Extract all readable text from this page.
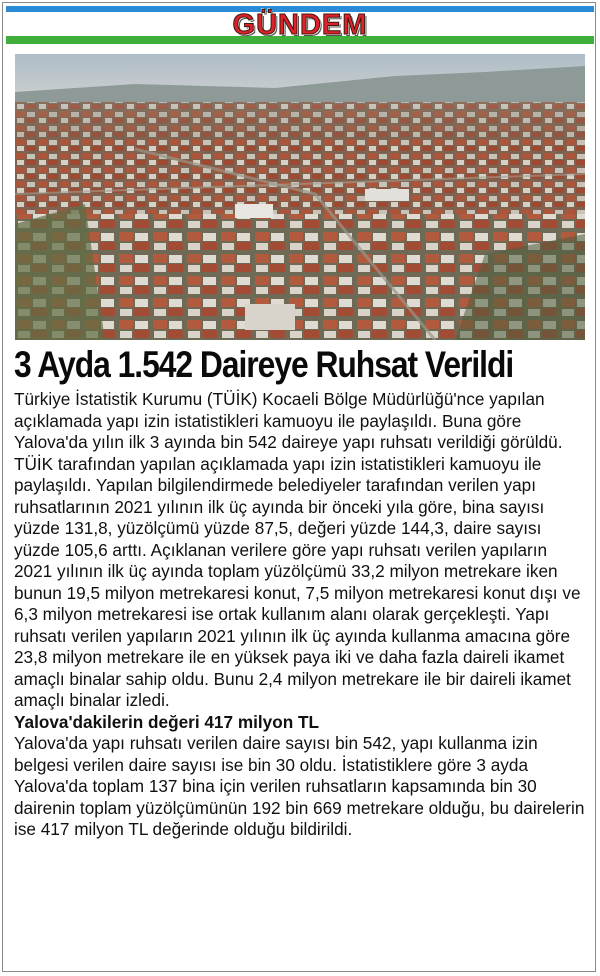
GÜNDEM
3 Ayda 1.542 Daireye Ruhsat Verildi

Türkiye İstatistik Kurumu (TÜİK) Kocaeli Bölge Müdürlüğü'nce yapılan açıklamada yapı izin istatistikleri kamuoyu ile paylaşıldı. Buna göre Yalova'da yılın ilk 3 ayında bin 542 daireye yapı ruhsatı verildiği görüldü.

TÜİK tarafından yapılan açıklamada yapı izin istatistikleri kamuoyu ile paylaşıldı. Yapılan bilgilendirmede belediyeler tarafından verilen yapı ruhsatlarının 2021 yılının ilk üç ayında bir önceki yıla göre, bina sayısı yüzde 131,8, yüzölçümü yüzde 87,5, değeri yüzde 144,3, daire sayısı yüzde 105,6 arttı. Açıklanan verilere göre yapı ruhsatı verilen yapıların 2021 yılının ilk üç ayında toplam yüzölçümü 33,2 milyon metrekare iken bunun 19,5 milyon metrekaresi konut, 7,5 milyon metrekaresi konut dışı ve 6,3 milyon metrekaresi ise ortak kullanım alanı olarak gerçekleşti. Yapı ruhsatı verilen yapıların 2021 yılının ilk üç ayında kullanma amacına göre 23,8 milyon metrekare ile en yüksek paya iki ve daha fazla daireli ikamet amaçlı binalar sahip oldu. Bunu 2,4 milyon metrekare ile bir daireli ikamet amaçlı binalar izledi.

Yalova'dakilerin değeri 417 milyon TL

Yalova'da yapı ruhsatı verilen daire sayısı bin 542, yapı kullanma izin belgesi verilen daire sayısı ise bin 30 oldu. İstatistiklere göre 3 ayda Yalova'da toplam 137 bina için verilen ruhsatların kapsamında bin 30 dairenin toplam yüzölçümünün 192 bin 669 metrekare olduğu, bu dairelerin ise 417 milyon TL değerinde olduğu bildirildi.
